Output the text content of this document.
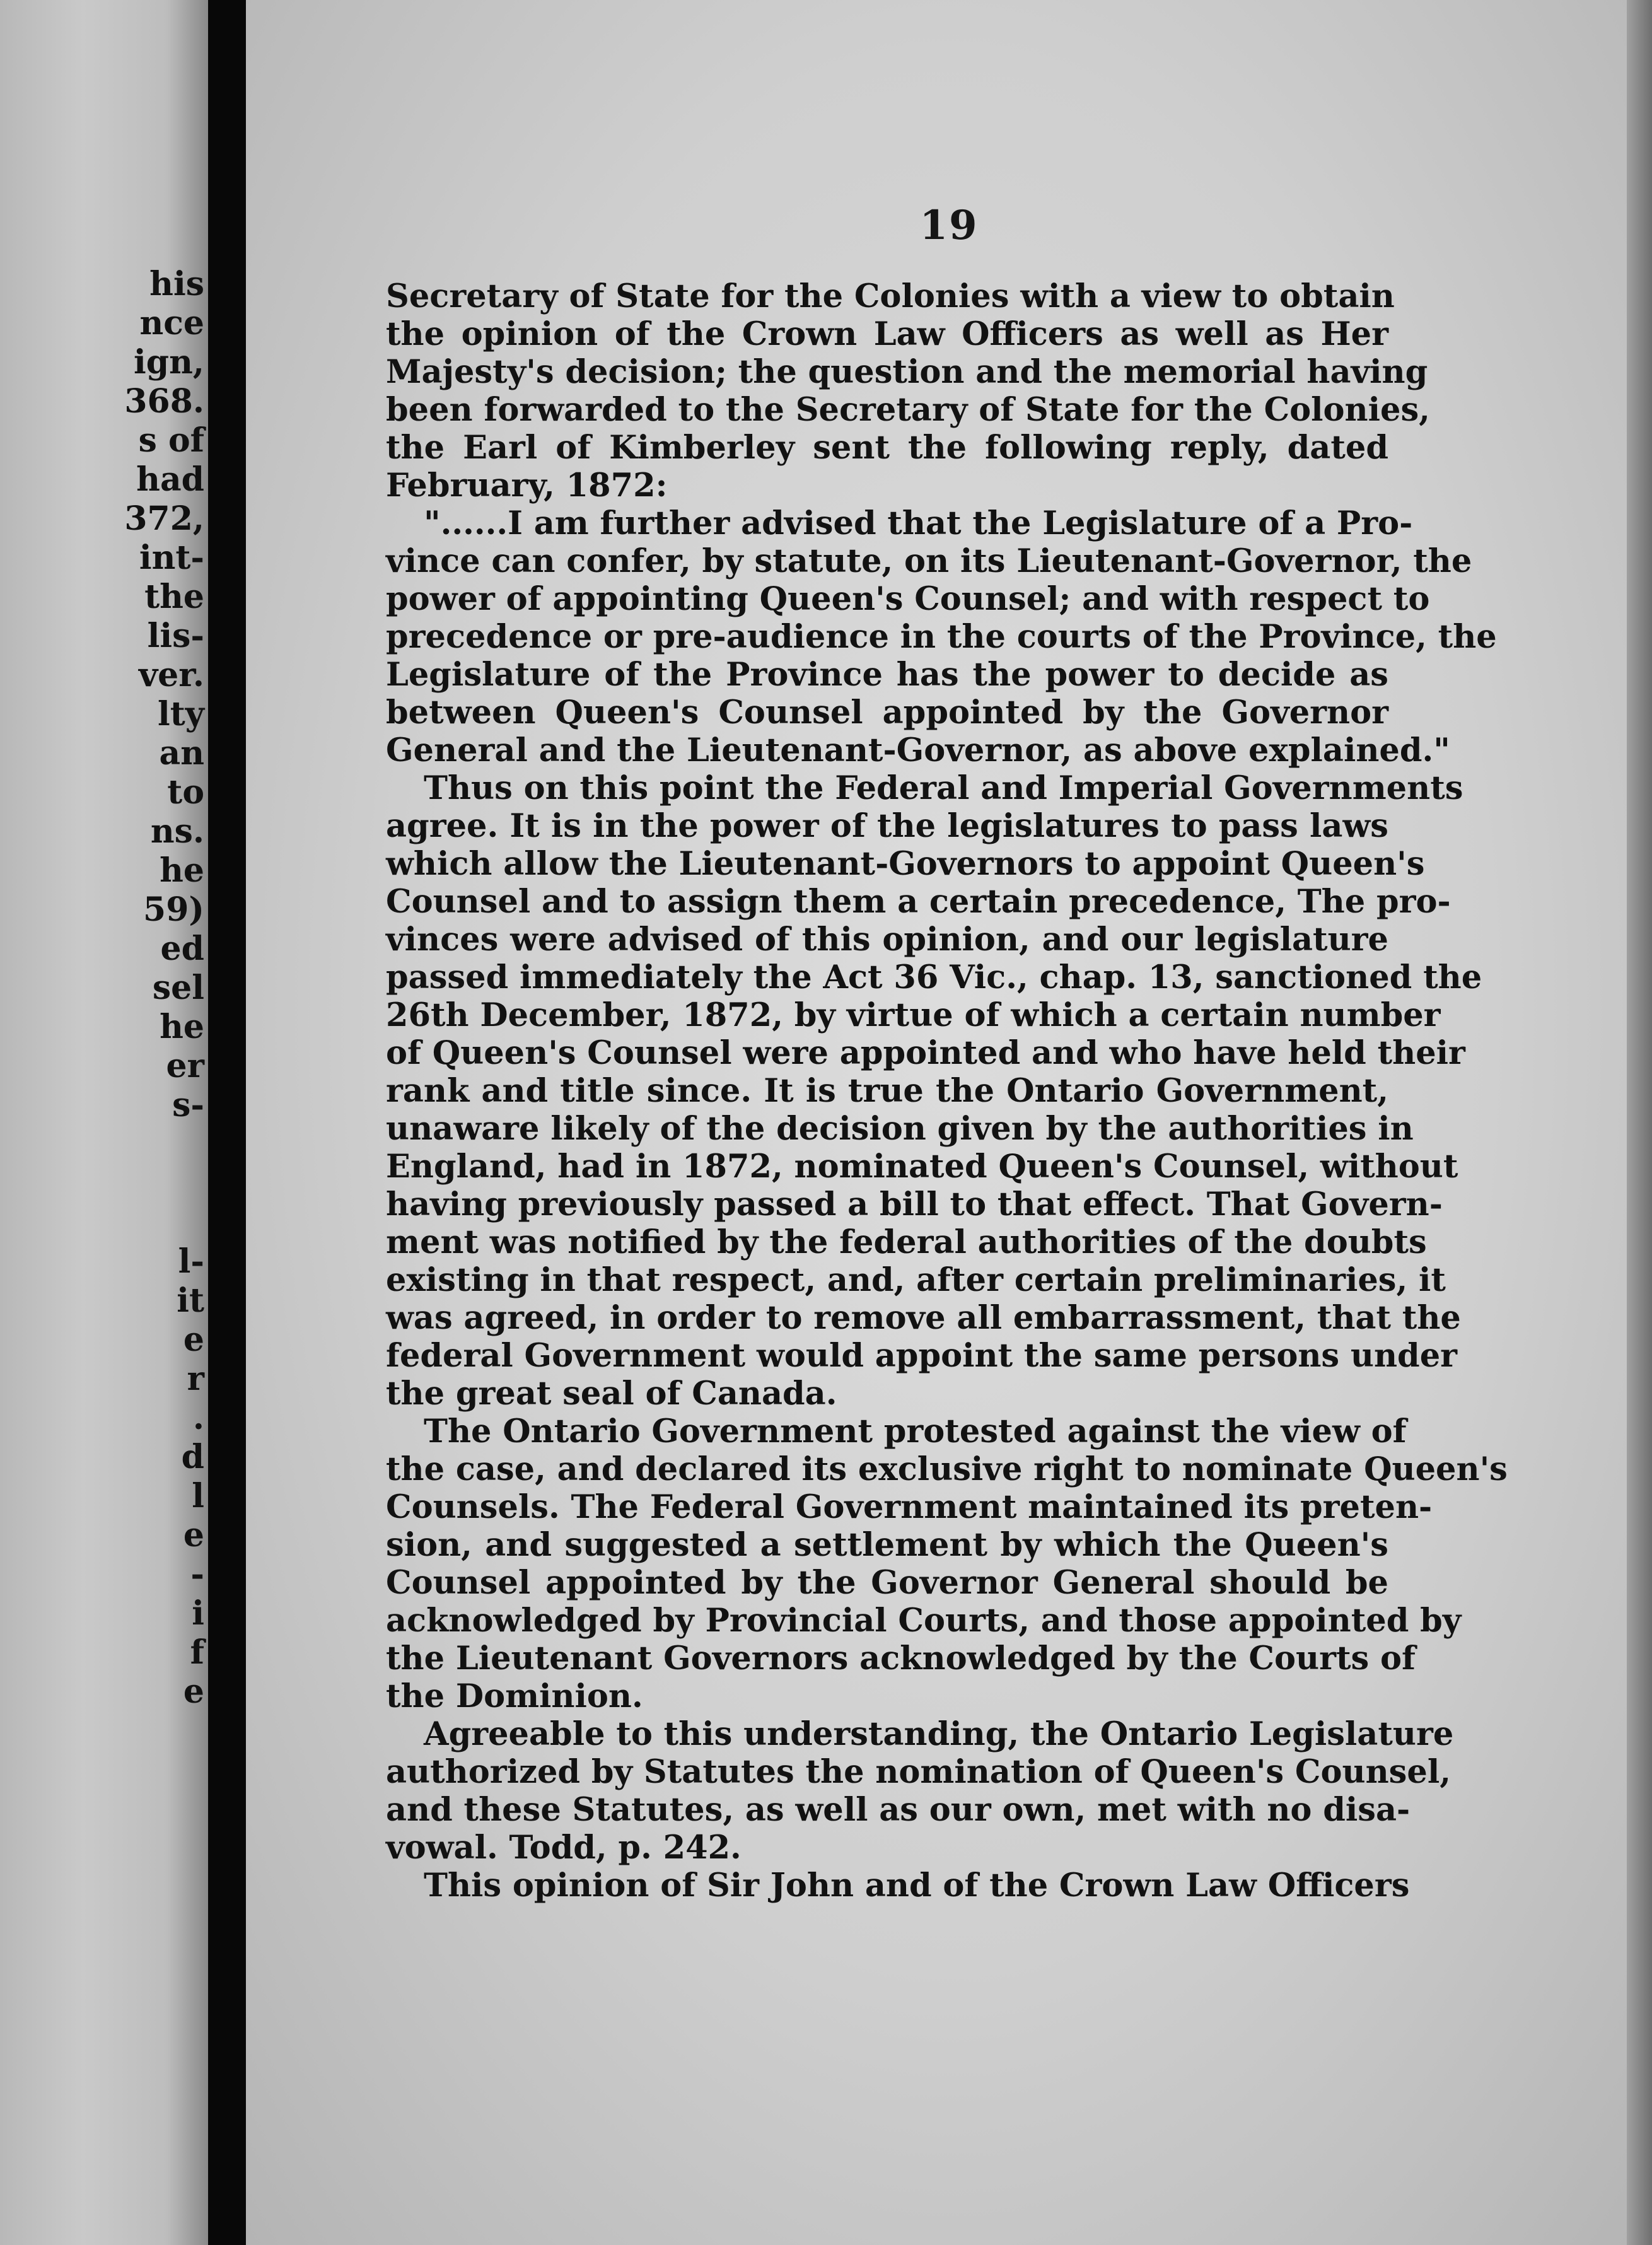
his
nce
ign,
368.
s of
had
372,
int-
the
lis-
ver.
lty
an
to
ns.
he
59)
ed
sel
he
er
s-
l-
it
e
r
.
d
l
e
-
i
f
e
19
Secretary of State for the Colonies with a view to obtain
the opinion of the Crown Law Officers as well as Her
Majesty's decision; the question and the memorial having
been forwarded to the Secretary of State for the Colonies,
the Earl of Kimberley sent the following reply, dated
February, 1872:
"......I am further advised that the Legislature of a Pro-
vince can confer, by statute, on its Lieutenant-Governor, the
power of appointing Queen's Counsel; and with respect to
precedence or pre-audience in the courts of the Province, the
Legislature of the Province has the power to decide as
between Queen's Counsel appointed by the Governor
General and the Lieutenant-Governor, as above explained."
Thus on this point the Federal and Imperial Governments
agree. It is in the power of the legislatures to pass laws
which allow the Lieutenant-Governors to appoint Queen's
Counsel and to assign them a certain precedence, The pro-
vinces were advised of this opinion, and our legislature
passed immediately the Act 36 Vic., chap. 13, sanctioned the
26th December, 1872, by virtue of which a certain number
of Queen's Counsel were appointed and who have held their
rank and title since. It is true the Ontario Government,
unaware likely of the decision given by the authorities in
England, had in 1872, nominated Queen's Counsel, without
having previously passed a bill to that effect. That Govern-
ment was notified by the federal authorities of the doubts
existing in that respect, and, after certain preliminaries, it
was agreed, in order to remove all embarrassment, that the
federal Government would appoint the same persons under
the great seal of Canada.
The Ontario Government protested against the view of
the case, and declared its exclusive right to nominate Queen's
Counsels. The Federal Government maintained its preten-
sion, and suggested a settlement by which the Queen's
Counsel appointed by the Governor General should be
acknowledged by Provincial Courts, and those appointed by
the Lieutenant Governors acknowledged by the Courts of
the Dominion.
Agreeable to this understanding, the Ontario Legislature
authorized by Statutes the nomination of Queen's Counsel,
and these Statutes, as well as our own, met with no disa-
vowal. Todd, p. 242.
This opinion of Sir John and of the Crown Law Officers
